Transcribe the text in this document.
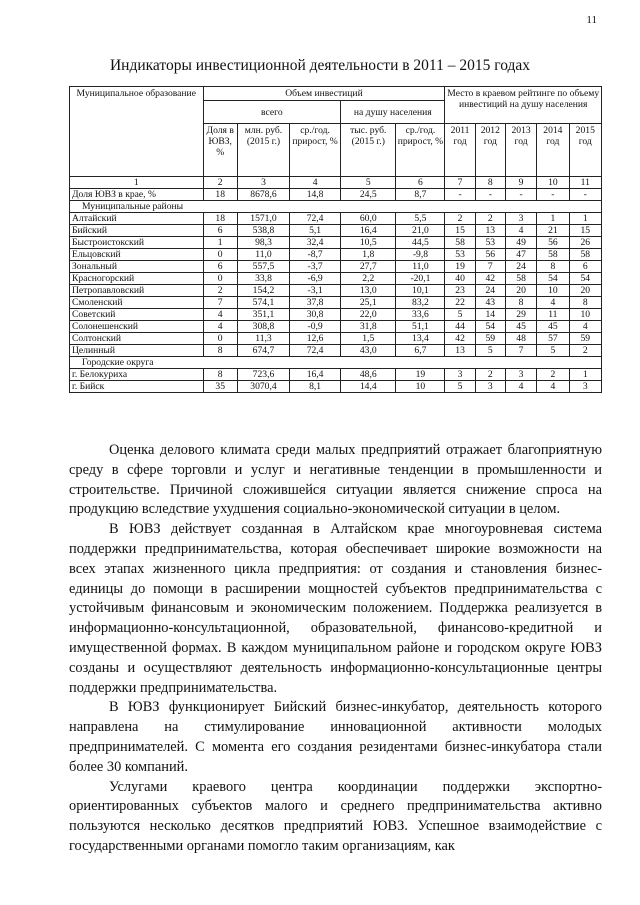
11
Индикаторы инвестиционной деятельности в 2011 – 2015 годах
Муниципальное образование	Объем инвестиций					Место в краевом рейтинге по объему инвестиций на душу населения				
	всего			на душу населения						
	Доля в ЮВЗ, %	млн. руб. (2015 г.)	ср./год. прирост, %	тыс. руб. (2015 г.)	ср./год. прирост, %	2011 год	2012 год	2013 год	2014 год	2015 год
1	2	3	4	5	6	7	8	9	10	11
Доля ЮВЗ в крае, %	18	8678,6	14,8	24,5	8,7	-	-	-	-	-
Муниципальные районы										
Алтайский	18	1571,0	72,4	60,0	5,5	2	2	3	1	1
Бийский	6	538,8	5,1	16,4	21,0	15	13	4	21	15
Быстроистокский	1	98,3	32,4	10,5	44,5	58	53	49	56	26
Ельцовский	0	11,0	-8,7	1,8	-9,8	53	56	47	58	58
Зональный	6	557,5	-3,7	27,7	11,0	19	7	24	8	6
Красногорский	0	33,8	-6,9	2,2	-20,1	40	42	58	54	54
Петропавловский	2	154,2	-3,1	13,0	10,1	23	24	20	10	20
Смоленский	7	574,1	37,8	25,1	83,2	22	43	8	4	8
Советский	4	351,1	30,8	22,0	33,6	5	14	29	11	10
Солонешенский	4	308,8	-0,9	31,8	51,1	44	54	45	45	4
Солтонский	0	11,3	12,6	1,5	13,4	42	59	48	57	59
Целинный	8	674,7	72,4	43,0	6,7	13	5	7	5	2
Городские округа										
г. Белокуриха	8	723,6	16,4	48,6	19	3	2	3	2	1
г. Бийск	35	3070,4	8,1	14,4	10	5	3	4	4	3

Оценка делового климата среди малых предприятий отражает благоприятную среду в сфере торговли и услуг и негативные тенденции в промышленности и строительстве. Причиной сложившейся ситуации является снижение спроса на продукцию вследствие ухудшения социально-экономической ситуации в целом.

В ЮВЗ действует созданная в Алтайском крае многоуровневая система поддержки предпринимательства, которая обеспечивает широкие возможности на всех этапах жизненного цикла предприятия: от создания и становления бизнес-единицы до помощи в расширении мощностей субъектов предпринимательства с устойчивым финансовым и экономическим положением. Поддержка реализуется в информационно-консультационной, образовательной, финансово-кредитной и имущественной формах. В каждом муниципальном районе и городском округе ЮВЗ созданы и осуществляют деятельность информационно-консультационные центры поддержки предпринимательства.

В ЮВЗ функционирует Бийский бизнес-инкубатор, деятельность которого направлена на стимулирование инновационной активности молодых предпринимателей. С момента его создания резидентами бизнес-инкубатора стали более 30 компаний.

Услугами краевого центра координации поддержки экспортно-ориентированных субъектов малого и среднего предпринимательства активно пользуются несколько десятков предприятий ЮВЗ. Успешное взаимодействие с государственными органами помогло таким организациям, как
